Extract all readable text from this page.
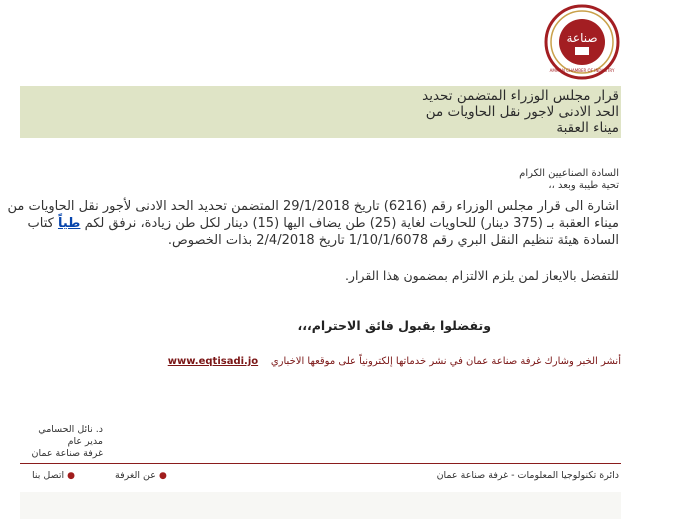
صناعة
AMMAN CHAMBER OF INDUSTRY
قرار مجلس الوزراء المتضمن تحديد
الحد الادنى لاجور نقل الحاويات من
ميناء العقبة
السادة الصناعيين الكرام
تحية طيبة وبعد ،،
اشارة الى قرار مجلس الوزراء رقم (6216) تاريخ 29/1/2018 المتضمن تحديد الحد الادنى لأجور نقل الحاويات من ميناء العقبة بـ (375 دينار) للحاويات لغاية (25) طن يضاف اليها (15) دينار لكل طن زيادة، نرفق لكم طياً كتاب السادة هيئة تنظيم النقل البري رقم 1/10/1/6078 تاريخ 2/4/2018 بذات الخصوص.
للتفضل بالايعاز لمن يلزم الالتزام بمضمون هذا القرار.
وتفضلوا بقبول فائق الاحترام،،،
أنشر الخبر وشارك غرفة صناعة عمان في نشر خدماتها إلكترونياً على موقعها الاخباري    www.eqtisadi.jo
د. نائل الحسامي
مدير عام
غرفة صناعة عمان
دائرة تكنولوجيا المعلومات - غرفة صناعة عمان
●عن الغرفة
●اتصل بنا
